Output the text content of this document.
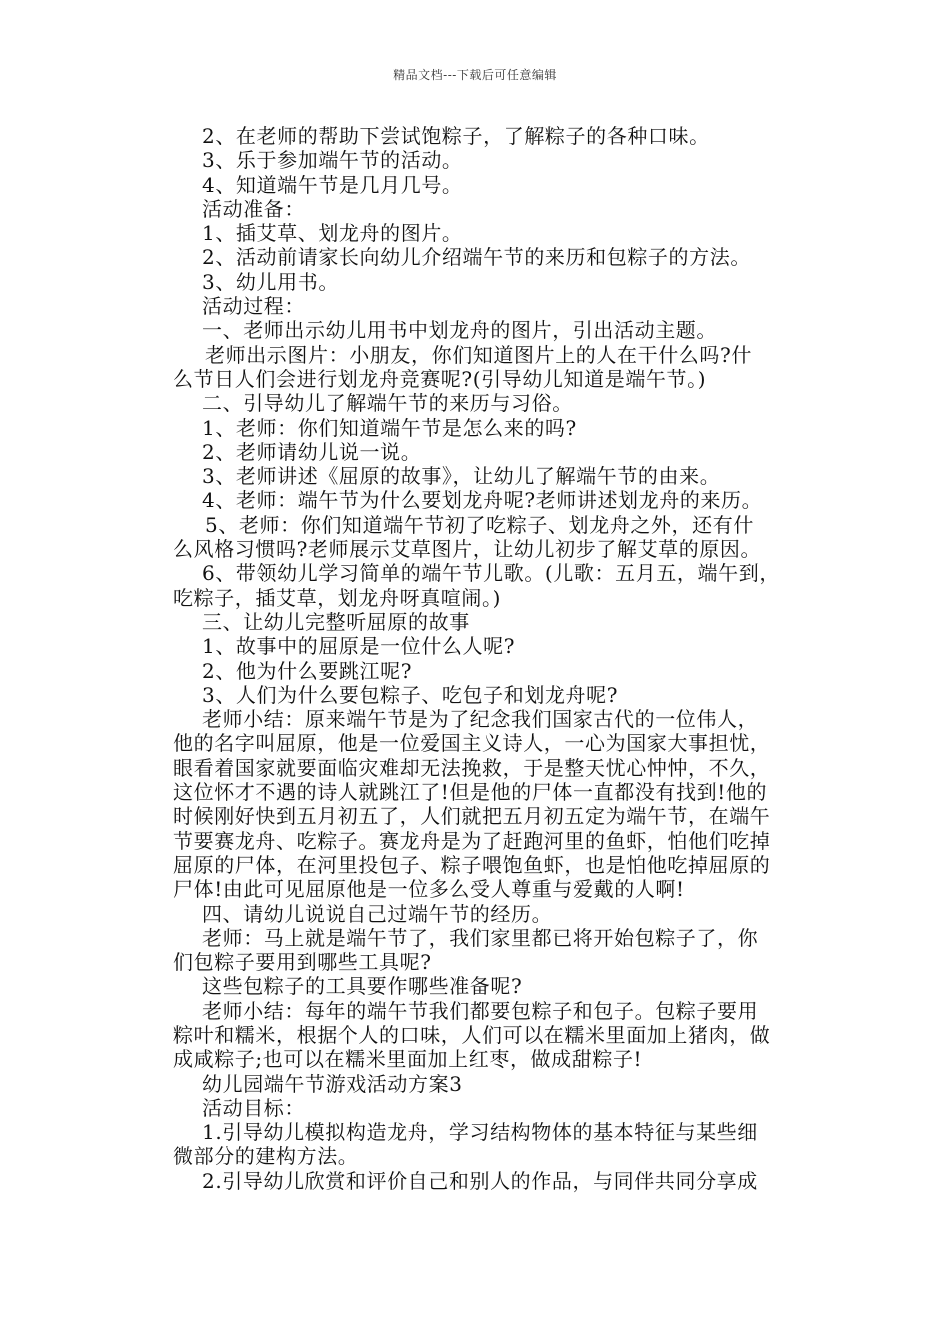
精品文档---下载后可任意编辑
2、在老师的帮助下尝试饱粽子，了解粽子的各种口味。
3、乐于参加端午节的活动。
4、知道端午节是几月几号。
活动准备：
1、插艾草、划龙舟的图片。
2、活动前请家长向幼儿介绍端午节的来历和包粽子的方法。
3、幼儿用书。
活动过程：
一、老师出示幼儿用书中划龙舟的图片，引出活动主题。
老师出示图片：小朋友，你们知道图片上的人在干什么吗?什
么节日人们会进行划龙舟竞赛呢?(引导幼儿知道是端午节。)
二、引导幼儿了解端午节的来历与习俗。
1、老师：你们知道端午节是怎么来的吗?
2、老师请幼儿说一说。
3、老师讲述《屈原的故事》，让幼儿了解端午节的由来。
4、老师：端午节为什么要划龙舟呢?老师讲述划龙舟的来历。
5、老师：你们知道端午节初了吃粽子、划龙舟之外，还有什
么风格习惯吗?老师展示艾草图片，让幼儿初步了解艾草的原因。
6、带领幼儿学习简单的端午节儿歌。(儿歌：五月五，端午到，
吃粽子，插艾草，划龙舟呀真喧闹。)
三、让幼儿完整听屈原的故事
1、故事中的屈原是一位什么人呢?
2、他为什么要跳江呢?
3、人们为什么要包粽子、吃包子和划龙舟呢?
老师小结：原来端午节是为了纪念我们国家古代的一位伟人，
他的名字叫屈原，他是一位爱国主义诗人，一心为国家大事担忧，
眼看着国家就要面临灾难却无法挽救，于是整天忧心忡忡，不久，
这位怀才不遇的诗人就跳江了!但是他的尸体一直都没有找到!他的
时候刚好快到五月初五了，人们就把五月初五定为端午节，在端午
节要赛龙舟、吃粽子。赛龙舟是为了赶跑河里的鱼虾，怕他们吃掉
屈原的尸体，在河里投包子、粽子喂饱鱼虾，也是怕他吃掉屈原的
尸体!由此可见屈原他是一位多么受人尊重与爱戴的人啊!
四、请幼儿说说自己过端午节的经历。
老师：马上就是端午节了，我们家里都已将开始包粽子了，你
们包粽子要用到哪些工具呢?
这些包粽子的工具要作哪些准备呢?
老师小结：每年的端午节我们都要包粽子和包子。包粽子要用
粽叶和糯米，根据个人的口味，人们可以在糯米里面加上猪肉，做
成咸粽子;也可以在糯米里面加上红枣，做成甜粽子!
幼儿园端午节游戏活动方案3
活动目标：
1.引导幼儿模拟构造龙舟，学习结构物体的基本特征与某些细
微部分的建构方法。
2.引导幼儿欣赏和评价自己和别人的作品，与同伴共同分享成
